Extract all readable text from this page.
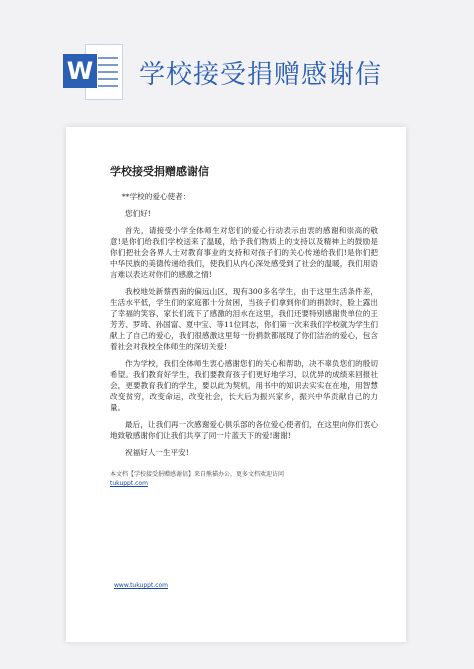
W 学校接受捐赠感谢信
学校接受捐赠感谢信
**学校的爱心使者：
您们好!

首先，请接受小学全体师生对您们的爱心行动表示由衷的感谢和崇高的敬意!是你们给我们学校送来了温暖，给予我们物质上的支持以及精神上的鼓励是你们把社会各界人士对教育事业的支持和对孩子们的关心传递给我们!是你们把中华民族的美德传递给我们，使我们从内心深处感受到了社会的温暖，我们用语言难以表达对你们的感激之情!

我校地处新蔡西南的偏远山区，现有300多名学生，由于这里生活条件差，生活水平低，学生们的家庭都十分贫困，当孩子们拿到你们的捐款时，脸上露出了幸福的笑容，家长们流下了感激的泪水在这里，我们还要特别感谢贵单位的王芳芳、罗琦、孙国富、夏中宝、等11位同志，你们第一次来我们学校就为学生们献上了自己的爱心，我们很感激这里每一份捐款都展现了你们洁治的爱心，包含着社会对我校全体师生的深切关爱!

作为学校，我们全体师生衷心感谢您们的关心和帮助，决不辜负您们的殷切希望。我们教育好学生，我们要教育孩子们更好地学习，以优异的成绩来回报社会，更要教育我们的学生，要以此为契机，用书中的知识去实实在在地，用智慧改变贫穷，改变命运，改变社会，长大后为振兴家乡，振兴中华贡献自己的力量。

最后，让我们再一次感谢爱心俱乐部的各位爱心使者们，在这里向你们衷心地致敬感谢你们让我们共享了同一片蓝天下的爱!谢谢!

祝福好人一生平安!

本文档【学校接受捐赠感谢信】来自熊猫办公，更多文档欢迎访问
tukuppt.com
www.tukuppt.com
